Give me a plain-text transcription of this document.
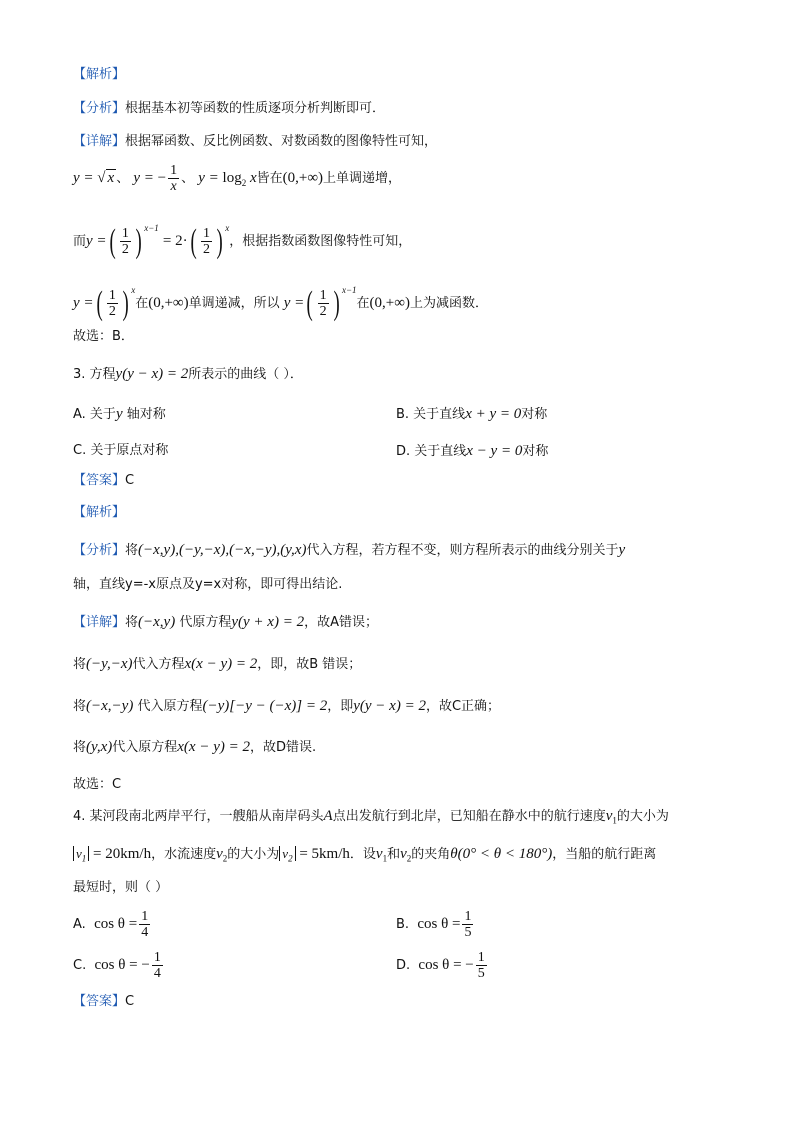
【解析】
【分析】根据基本初等函数的性质逐项分析判断即可．
【详解】根据幂函数、反比例函数、对数函数的图像特性可知，
y = √ x 、 y = − $\frac{1}{x}$ 、 $y = \log_2 x$皆在(0,+∞)上单调递增，
而y =( $\frac{1}{2}$ ) $^{x-1} = 2\cdot( \frac{1}{2}$ ) $^x$，根据指数函数图像特性可知，
y =( $\frac{1}{2}$ ) $^x$在(0,+∞)单调递减，所以 y =( $\frac{1}{2}$ ) $^{x-1}$在(0,+∞)上为减函数．
故选：B．
3. 方程y(y − x) = 2所表示的曲线（ ）．
A. 关于y 轴对称	B. 关于直线x + y = 0对称
C. 关于原点对称	D. 关于直线x − y = 0对称
【答案】C
【解析】
【分析】将(−x,y),(−y,−x),(−x,−y),(y,x)代入方程，若方程不变，则方程所表示的曲线分别关于y
轴，直线y=-x原点及y=x对称，即可得出结论.
【详解】将(−x,y) 代原方程y(y + x) = 2，故A错误；
将(−y,−x)代入方程x(x − y) = 2，即，故B 错误；
将(−x,−y) 代入原方程(−y)[−y − (−x)] = 2，即y(y − x) = 2，故C正确；
将(y,x)代入原方程x(x − y) = 2，故D错误.
故选：C
4. 某河段南北两岸平行，一艘船从南岸码头A点出发航行到北岸，已知船在静水中的航行速度$v_1$的大小为
$v_1 = 20km/h$，水流速度$v_2$的大小为 $v_2 = 5km/h$．设$v_1$和$v_2$的夹角θ(0° < θ < 180°)，当船的航行距离
最短时，则（ ）
A. $\cos \theta = \frac{1}{4}$	B. $\cos \theta = \frac{1}{5}$
C. cos θ = − $\frac{1}{4}$	D. cos θ = − $\frac{1}{5}$
【答案】C
